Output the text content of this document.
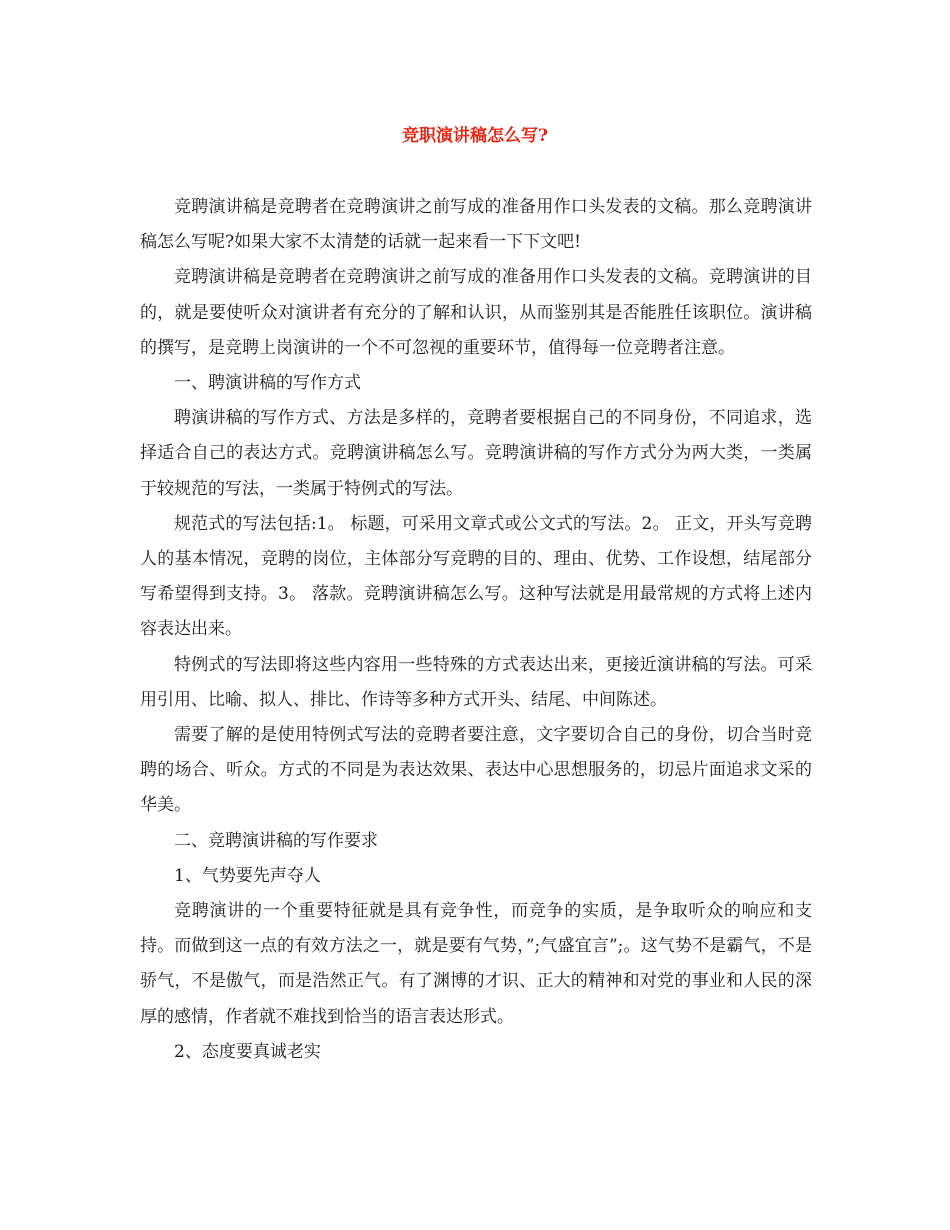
竞职演讲稿怎么写?

竞聘演讲稿是竞聘者在竞聘演讲之前写成的准备用作口头发表的文稿。那么竞聘演讲稿怎么写呢?如果大家不太清楚的话就一起来看一下下文吧!

竞聘演讲稿是竞聘者在竞聘演讲之前写成的准备用作口头发表的文稿。竞聘演讲的目的，就是要使听众对演讲者有充分的了解和认识，从而鉴别其是否能胜任该职位。演讲稿的撰写，是竞聘上岗演讲的一个不可忽视的重要环节，值得每一位竞聘者注意。

一、聘演讲稿的写作方式

聘演讲稿的写作方式、方法是多样的，竞聘者要根据自己的不同身份，不同追求，选择适合自己的表达方式。竞聘演讲稿怎么写。竞聘演讲稿的写作方式分为两大类，一类属于较规范的写法，一类属于特例式的写法。

规范式的写法包括:1。 标题，可采用文章式或公文式的写法。2。 正文，开头写竞聘人的基本情况，竞聘的岗位，主体部分写竞聘的目的、理由、优势、工作设想，结尾部分写希望得到支持。3。 落款。竞聘演讲稿怎么写。这种写法就是用最常规的方式将上述内容表达出来。

特例式的写法即将这些内容用一些特殊的方式表达出来，更接近演讲稿的写法。可采用引用、比喻、拟人、排比、作诗等多种方式开头、结尾、中间陈述。

需要了解的是使用特例式写法的竞聘者要注意，文字要切合自己的身份，切合当时竞聘的场合、听众。方式的不同是为表达效果、表达中心思想服务的，切忌片面追求文采的华美。

二、竞聘演讲稿的写作要求

1、气势要先声夺人

竞聘演讲的一个重要特征就是具有竞争性，而竞争的实质，是争取听众的响应和支持。而做到这一点的有效方法之一，就是要有气势，”;气盛宜言”;。这气势不是霸气，不是骄气，不是傲气，而是浩然正气。有了渊博的才识、正大的精神和对党的事业和人民的深厚的感情，作者就不难找到恰当的语言表达形式。

2、态度要真诚老实
